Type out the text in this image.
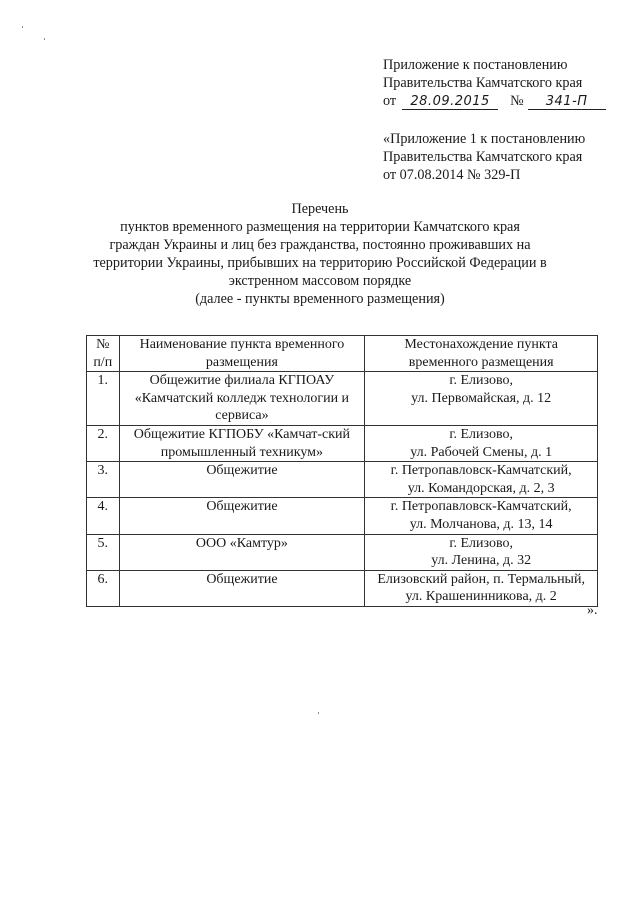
Приложение к постановлению
Правительства Камчатского края
от 28.09.2015 № 341-П
«Приложение 1 к постановлению
Правительства Камчатского края
от 07.08.2014 № 329-П
Перечень
пунктов временного размещения на территории Камчатского края
граждан Украины и лиц без гражданства, постоянно проживавших на
территории Украины, прибывших на территорию Российской Федерации в
экстренном массовом порядке
(далее - пункты временного размещения)
№
п/п	Наименование пункта временного размещения	Местонахождение пункта временного размещения
1.	Общежитие филиала КГПОАУ «Камчатский колледж технологии и сервиса»	г. Елизово,
ул. Первомайская, д. 12

2.	Общежитие КГПОБУ «Камчат-ский промышленный техникум»	г. Елизово,
ул. Рабочей Смены, д. 1

3.	Общежитие	г. Петропавловск-Камчатский,
ул. Командорская, д. 2, 3

4.	Общежитие	г. Петропавловск-Камчатский,
ул. Молчанова, д. 13, 14

5.	ООО «Камтур»	г. Елизово,
ул. Ленина, д. 32

6.	Общежитие	Елизовский район, п. Термальный,
ул. Крашенинникова, д. 2
».
